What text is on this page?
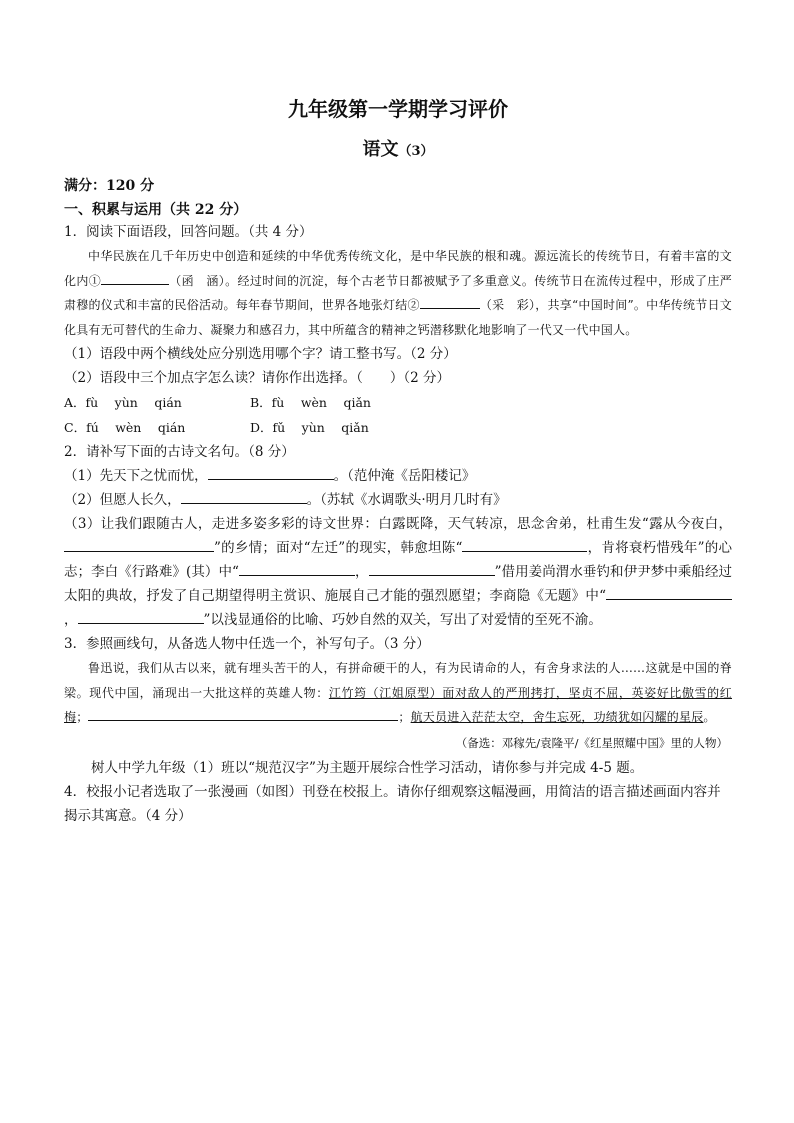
九年级第一学期学习评价
语文（3）
满分：120 分
一、积累与运用（共 22 分）
1．阅读下面语段，回答问题。（共 4 分）
中华民族在几千年历史中创造和延续的中华优秀传统文化，是中华民族的根和魂。源远流长的传统节日，有着丰富的文化内①	（函　涵）。经过时间的沉淀，每个古老节日都被赋予了多重意义。传统节日在流传过程中，形成了庄严肃穆的仪式和丰富的民俗活动。每年春节期间，世界各地张灯结②	（采　彩），共享“中国时间”。中华传统节日文化具有无可替代的生命力、凝聚力和感召力，其中所蕴含的精神之钙潜移默化地影响了一代又一代中国人。
（1）语段中两个横线处应分别选用哪个字？请工整书写。（2 分）
（2）语段中三个加点字怎么读？请你作出选择。（　　）（2 分）
A．fù　 yùn　 qián	B．fù　 wèn　 qiǎn
C．fú　 wèn　 qián	D．fǔ　 yùn　 qiǎn
2．请补写下面的古诗文名句。（8 分）
（1）先天下之忧而忧，	。（范仲淹《岳阳楼记》
（2）但愿人长久，	。（苏轼《水调歌头·明月几时有》
（3）让我们跟随古人，走进多姿多彩的诗文世界：白露既降，天气转凉，思念舍弟，杜甫生发“露从今夜白，”的乡情；面对“左迁”的现实，韩愈坦陈“	，肯将衰朽惜残年”的心志；李白《行路难》(其）中“	，	”借用姜尚渭水垂钓和伊尹梦中乘船经过太阳的典故，抒发了自己期望得明主赏识、施展自己才能的强烈愿望；李商隐《无题》中“，	”以浅显通俗的比喻、巧妙自然的双关，写出了对爱情的至死不渝。
3．参照画线句，从备选人物中任选一个，补写句子。（3 分）
鲁迅说，我们从古以来，就有埋头苦干的人，有拼命硬干的人，有为民请命的人，有舍身求法的人……这就是中国的脊梁。现代中国，涌现出一大批这样的英雄人物：江竹筠（江姐原型）面对敌人的严刑拷打，坚贞不屈，英姿好比傲雪的红梅；	；航天员进入茫茫太空，舍生忘死，功绩犹如闪耀的星辰。
（备选：邓稼先/袁隆平/《红星照耀中国》里的人物）
树人中学九年级（1）班以“规范汉字”为主题开展综合性学习活动，请你参与并完成 4-5 题。
4．校报小记者选取了一张漫画（如图）刊登在校报上。请你仔细观察这幅漫画，用简洁的语言描述画面内容并揭示其寓意。（4 分）
